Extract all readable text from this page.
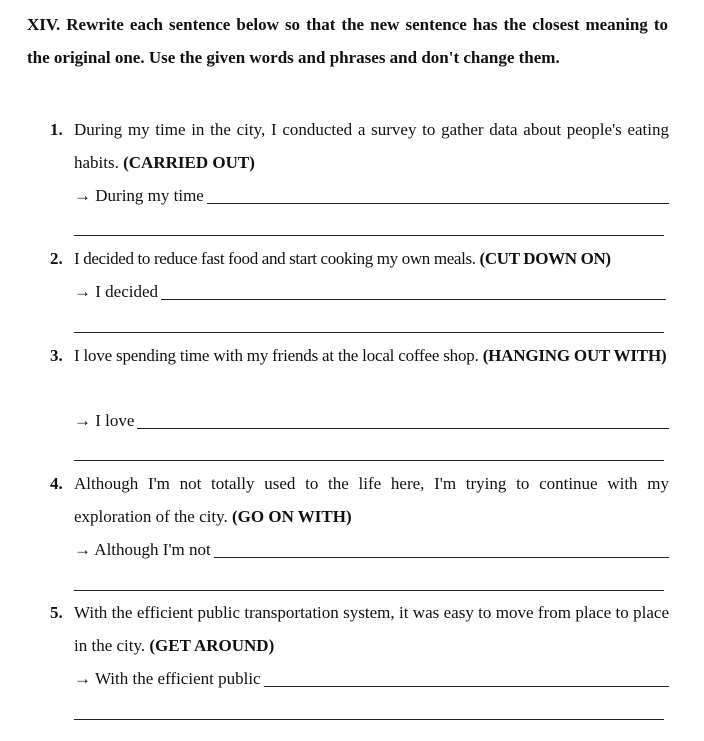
XIV. Rewrite each sentence below so that the new sentence has the closest meaning to the original one. Use the given words and phrases and don't change them.
1. During my time in the city, I conducted a survey to gather data about people's eating habits. (CARRIED OUT)
→ During my time
2. I decided to reduce fast food and start cooking my own meals. (CUT DOWN ON)
→ I decided
3. I love spending time with my friends at the local coffee shop. (HANGING OUT WITH)
→ I love
4. Although I'm not totally used to the life here, I'm trying to continue with my exploration of the city. (GO ON WITH)
→ Although I'm not
5. With the efficient public transportation system, it was easy to move from place to place in the city. (GET AROUND)
→ With the efficient public
